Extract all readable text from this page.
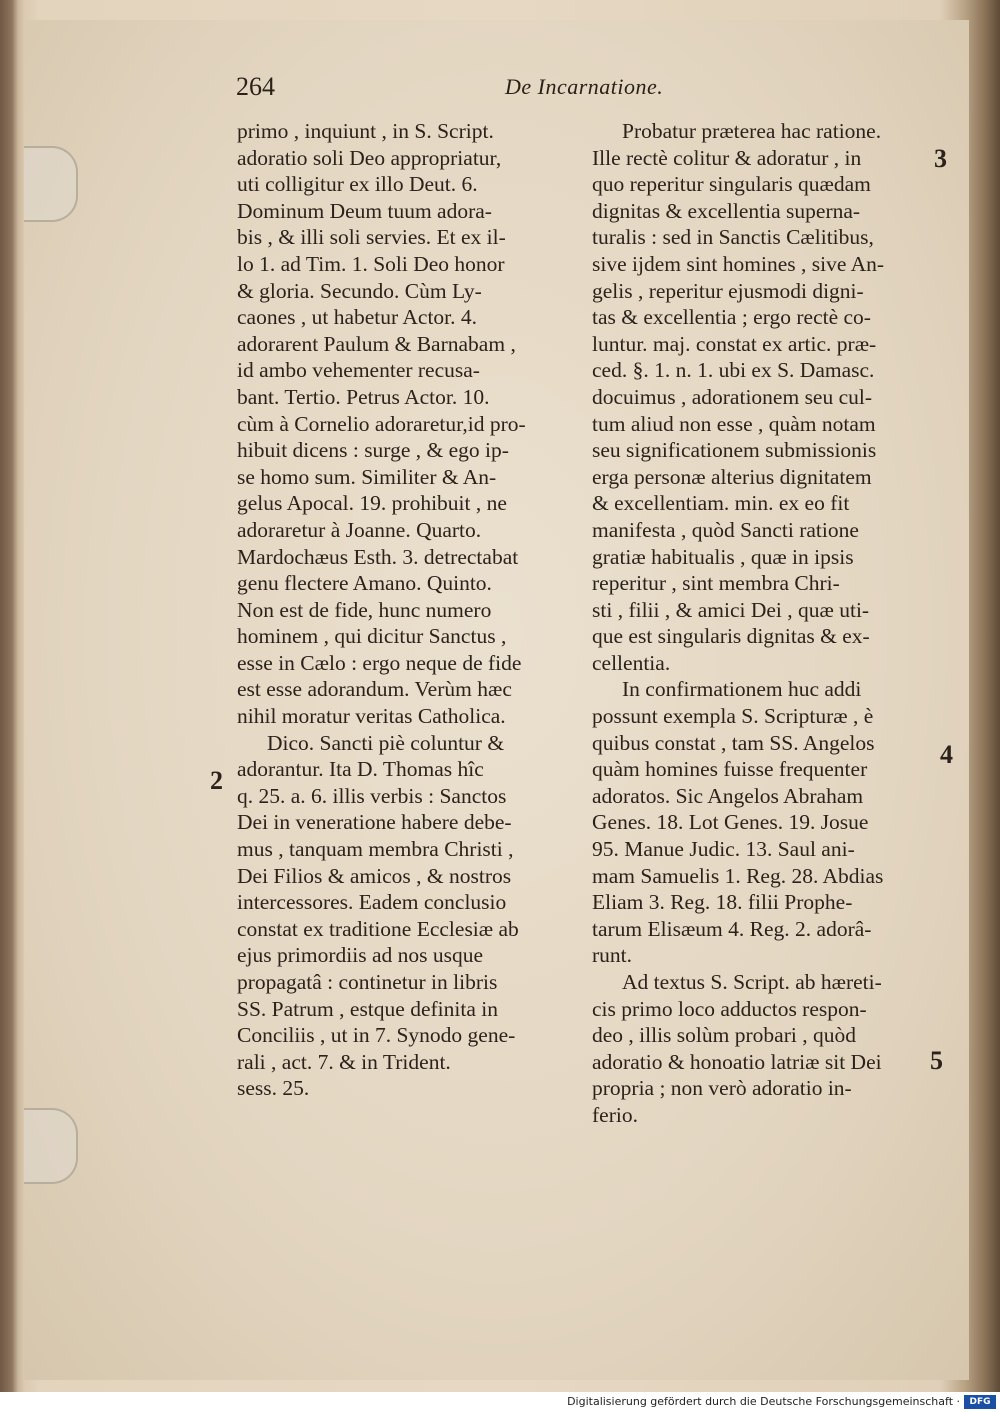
264	De Incarnatione.
3
2
4
5
primo , inquiunt , in S. Script.
adoratio soli Deo appropriatur,
uti colligitur ex illo Deut. 6.
Dominum Deum tuum adora-
bis , & illi soli servies. Et ex il-
lo 1. ad Tim. 1. Soli Deo honor
& gloria. Secundo. Cùm Ly-
caones , ut habetur Actor. 4.
adorarent Paulum & Barnabam ,
id ambo vehementer recusa-
bant. Tertio. Petrus Actor. 10.
cùm à Cornelio adoraretur,id pro-
hibuit dicens : surge , & ego ip-
se homo sum. Similiter & An-
gelus Apocal. 19. prohibuit , ne
adoraretur à Joanne. Quarto.
Mardochæus Esth. 3. detrectabat
genu flectere Amano. Quinto.
Non est de fide, hunc numero
hominem , qui dicitur Sanctus ,
esse in Cælo : ergo neque de fide
est esse adorandum. Verùm hæc
nihil moratur veritas Catholica.
Dico. Sancti piè coluntur &
adorantur. Ita D. Thomas hîc
q. 25. a. 6. illis verbis : Sanctos
Dei in veneratione habere debe-
mus , tanquam membra Christi ,
Dei Filios & amicos , & nostros
intercessores. Eadem conclusio
constat ex traditione Ecclesiæ ab
ejus primordiis ad nos usque
propagatâ : continetur in libris
SS. Patrum , estque definita in
Conciliis , ut in 7. Synodo gene-
rali , act. 7. & in Trident.
sess. 25.
Probatur præterea hac ratione.
Ille rectè colitur & adoratur , in
quo reperitur singularis quædam
dignitas & excellentia superna-
turalis : sed in Sanctis Cælitibus,
sive ijdem sint homines , sive An-
gelis , reperitur ejusmodi digni-
tas & excellentia ; ergo rectè co-
luntur. maj. constat ex artic. præ-
ced. §. 1. n. 1. ubi ex S. Damasc.
docuimus , adorationem seu cul-
tum aliud non esse , quàm notam
seu significationem submissionis
erga personæ alterius dignitatem
& excellentiam. min. ex eo fit
manifesta , quòd Sancti ratione
gratiæ habitualis , quæ in ipsis
reperitur , sint membra Chri-
sti , filii , & amici Dei , quæ uti-
que est singularis dignitas & ex-
cellentia.
In confirmationem huc addi
possunt exempla S. Scripturæ , è
quibus constat , tam SS. Angelos
quàm homines fuisse frequenter
adoratos. Sic Angelos Abraham
Genes. 18. Lot Genes. 19. Josue
95. Manue Judic. 13. Saul ani-
mam Samuelis 1. Reg. 28. Abdias
Eliam 3. Reg. 18. filii Prophe-
tarum Elisæum 4. Reg. 2. adorâ-
runt.
Ad textus S. Script. ab hæreti-
cis primo loco adductos respon-
deo , illis solùm probari , quòd
adoratio & honoatio latriæ sit Dei
propria ; non verò adoratio in-
ferio.
Digitalisierung gefördert durch die Deutsche Forschungsgemeinschaft ·	DFG
